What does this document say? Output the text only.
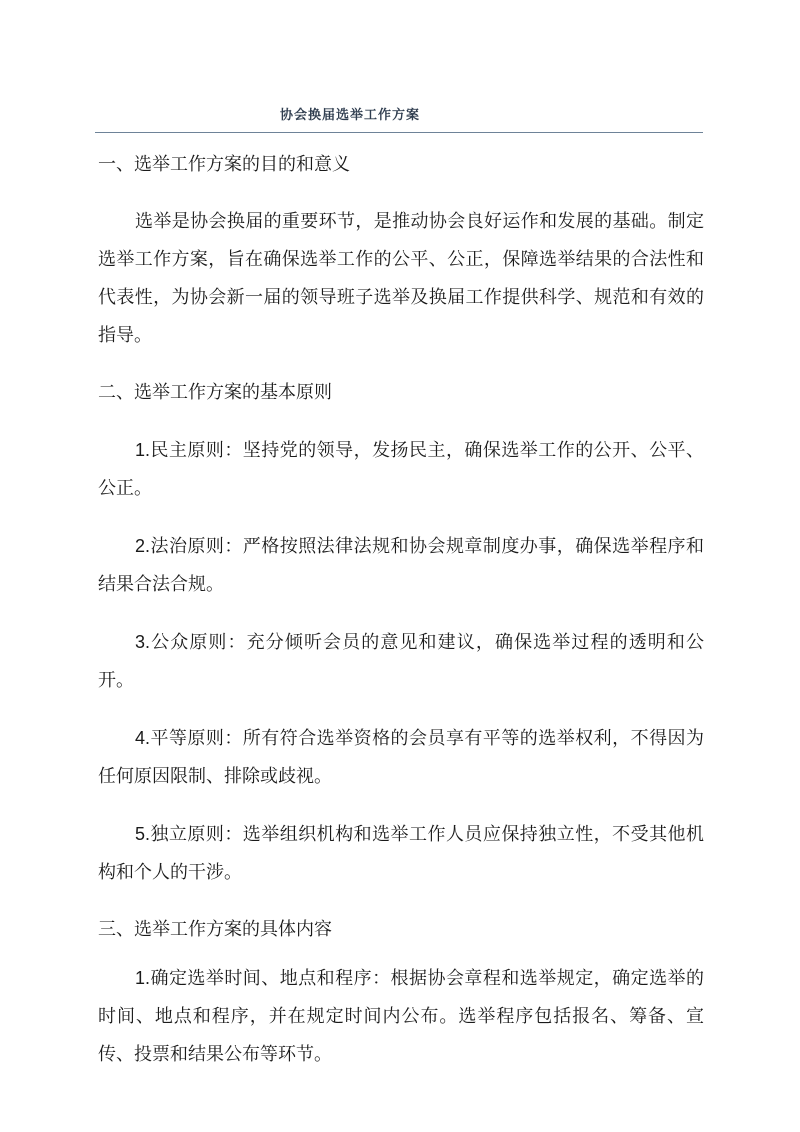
协会换届选举工作方案
一、选举工作方案的目的和意义

选举是协会换届的重要环节，是推动协会良好运作和发展的基础。制定选举工作方案，旨在确保选举工作的公平、公正，保障选举结果的合法性和代表性，为协会新一届的领导班子选举及换届工作提供科学、规范和有效的指导。

二、选举工作方案的基本原则

1.民主原则：坚持党的领导，发扬民主，确保选举工作的公开、公平、公正。

2.法治原则：严格按照法律法规和协会规章制度办事，确保选举程序和结果合法合规。

3.公众原则：充分倾听会员的意见和建议，确保选举过程的透明和公开。

4.平等原则：所有符合选举资格的会员享有平等的选举权利，不得因为任何原因限制、排除或歧视。

5.独立原则：选举组织机构和选举工作人员应保持独立性，不受其他机构和个人的干涉。

三、选举工作方案的具体内容

1.确定选举时间、地点和程序：根据协会章程和选举规定，确定选举的时间、地点和程序，并在规定时间内公布。选举程序包括报名、筹备、宣传、投票和结果公布等环节。
